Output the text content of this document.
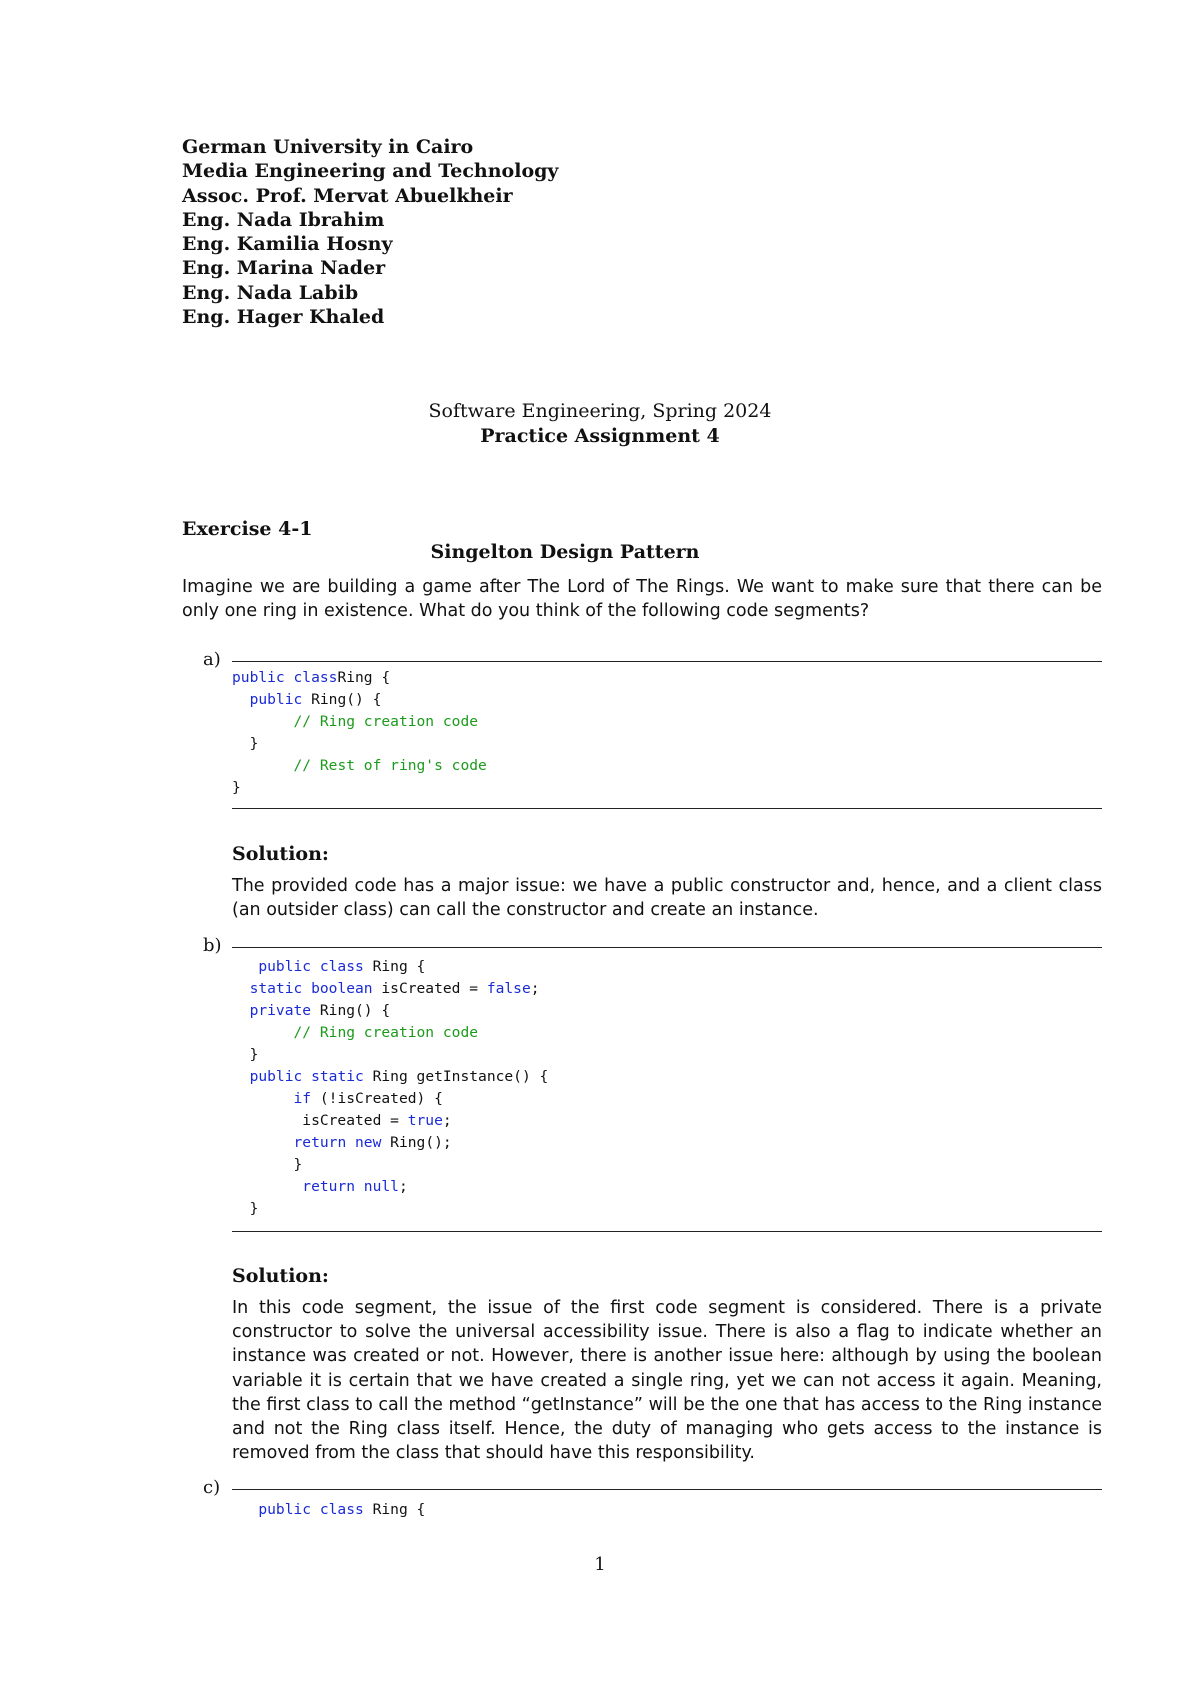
German University in Cairo
Media Engineering and Technology
Assoc. Prof. Mervat Abuelkheir
Eng. Nada Ibrahim
Eng. Kamilia Hosny
Eng. Marina Nader
Eng. Nada Labib
Eng. Hager Khaled
Software Engineering, Spring 2024
Practice Assignment 4
Exercise 4-1
Singelton Design Pattern
Imagine we are building a game after The Lord of The Rings. We want to make sure that there can be only one ring in existence. What do you think of the following code segments?
a)
public classRing {
public Ring() {
// Ring creation code
}
// Rest of ring's code
}
Solution:
The provided code has a major issue: we have a public constructor and, hence, and a client class (an outsider class) can call the constructor and create an instance.
b)
public class Ring {
static boolean isCreated = false;
private Ring() {
// Ring creation code
}
public static Ring getInstance() {
if (!isCreated) {
isCreated = true;
return new Ring();
}
return null;
}
Solution:
In this code segment, the issue of the first code segment is considered. There is a private constructor to solve the universal accessibility issue. There is also a flag to indicate whether an instance was created or not. However, there is another issue here: although by using the boolean variable it is certain that we have created a single ring, yet we can not access it again. Meaning, the first class to call the method “getInstance” will be the one that has access to the Ring instance and not the Ring class itself. Hence, the duty of managing who gets access to the instance is removed from the class that should have this responsibility.
c)
public class Ring {
1
